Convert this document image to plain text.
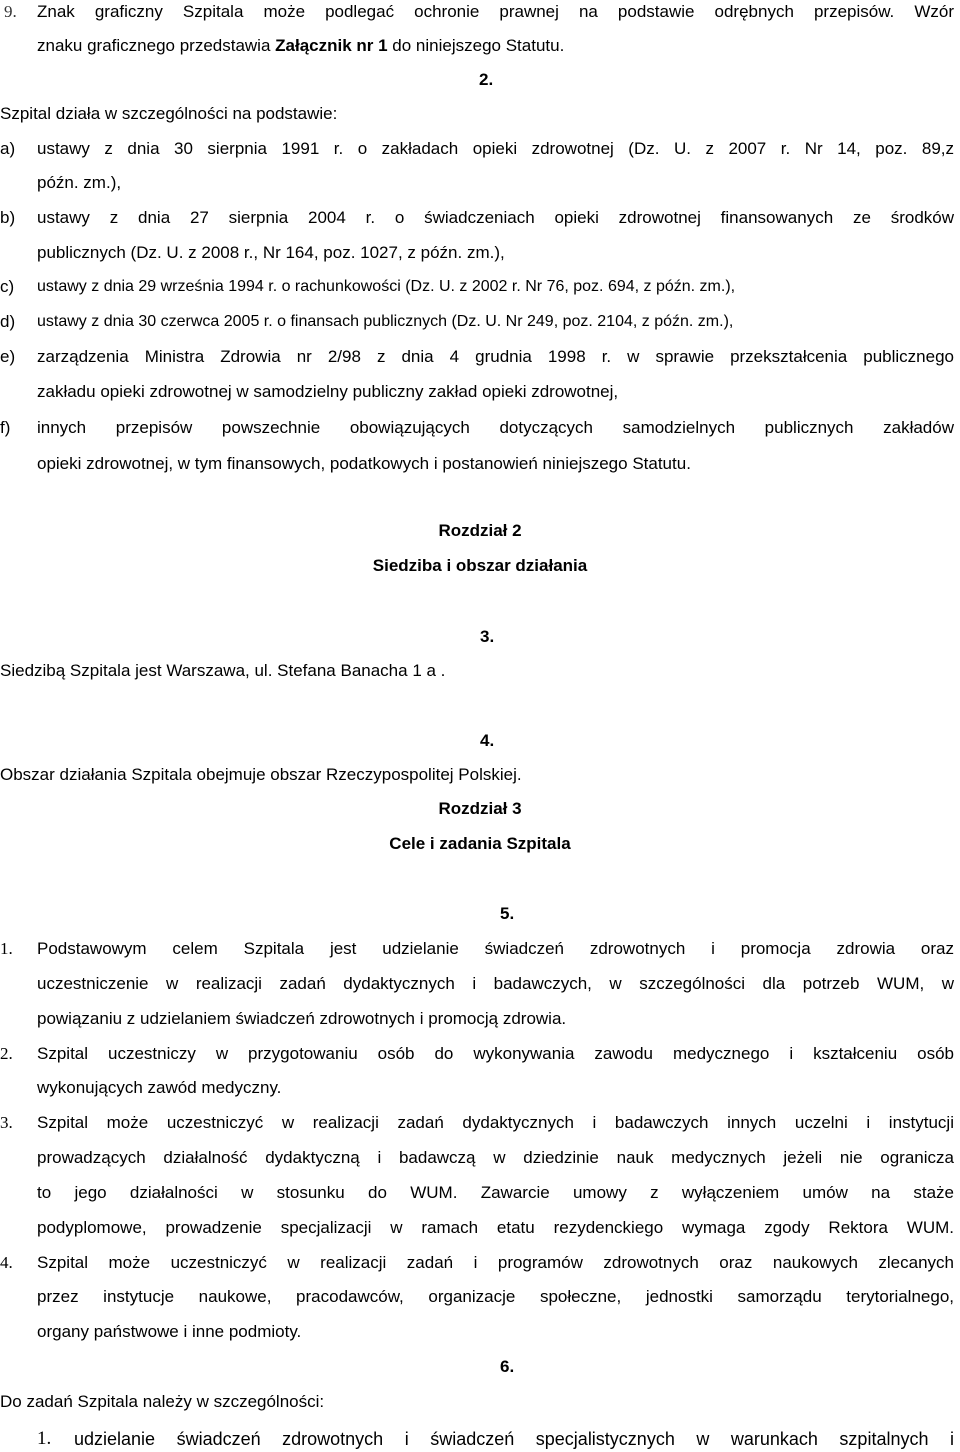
9. Znak graficzny Szpitala może podlegać ochronie prawnej na podstawie odrębnych przepisów. Wzór
znaku graficznego przedstawia Załącznik nr 1 do niniejszego Statutu.
2.
Szpital działa w szczególności na podstawie:
a) ustawy z dnia 30 sierpnia 1991 r. o zakładach opieki zdrowotnej (Dz. U. z 2007 r. Nr 14, poz. 89,z
późn. zm.),
b) ustawy z dnia 27 sierpnia 2004 r. o świadczeniach opieki zdrowotnej finansowanych ze środków
publicznych (Dz. U. z 2008 r., Nr 164, poz. 1027, z późn. zm.),
c) ustawy z dnia 29 września 1994 r. o rachunkowości (Dz. U. z 2002 r. Nr 76, poz. 694, z późn. zm.),
d) ustawy z dnia 30 czerwca 2005 r. o finansach publicznych (Dz. U. Nr 249, poz. 2104, z późn. zm.),
e) zarządzenia Ministra Zdrowia nr 2/98 z dnia 4 grudnia 1998 r. w sprawie przekształcenia publicznego
zakładu opieki zdrowotnej w samodzielny publiczny zakład opieki zdrowotnej,
f) innych przepisów powszechnie obowiązujących dotyczących samodzielnych publicznych zakładów
opieki zdrowotnej, w tym finansowych, podatkowych i postanowień niniejszego Statutu.
Rozdział 2
Siedziba i obszar działania
3.
Siedzibą Szpitala jest Warszawa, ul. Stefana Banacha 1 a .
4.
Obszar działania Szpitala obejmuje obszar Rzeczypospolitej Polskiej.
Rozdział 3
Cele i zadania Szpitala
5.
1. Podstawowym celem Szpitala jest udzielanie świadczeń zdrowotnych i promocja zdrowia oraz
uczestniczenie w realizacji zadań dydaktycznych i badawczych, w szczególności dla potrzeb WUM, w
powiązaniu z udzielaniem świadczeń zdrowotnych i promocją zdrowia.
2. Szpital uczestniczy w przygotowaniu osób do wykonywania zawodu medycznego i kształceniu osób
wykonujących zawód medyczny.
3. Szpital może uczestniczyć w realizacji zadań dydaktycznych i badawczych innych uczelni i instytucji
prowadzących działalność dydaktyczną i badawczą w dziedzinie nauk medycznych jeżeli nie ogranicza
to jego działalności w stosunku do WUM. Zawarcie umowy z wyłączeniem umów na staże
podyplomowe, prowadzenie specjalizacji w ramach etatu rezydenckiego wymaga zgody Rektora WUM.
4. Szpital może uczestniczyć w realizacji zadań i programów zdrowotnych oraz naukowych zlecanych
przez instytucje naukowe, pracodawców, organizacje społeczne, jednostki samorządu terytorialnego,
organy państwowe i inne podmioty.
6.
Do zadań Szpitala należy w szczególności:
1. udzielanie świadczeń zdrowotnych i świadczeń specjalistycznych w warunkach szpitalnych i
